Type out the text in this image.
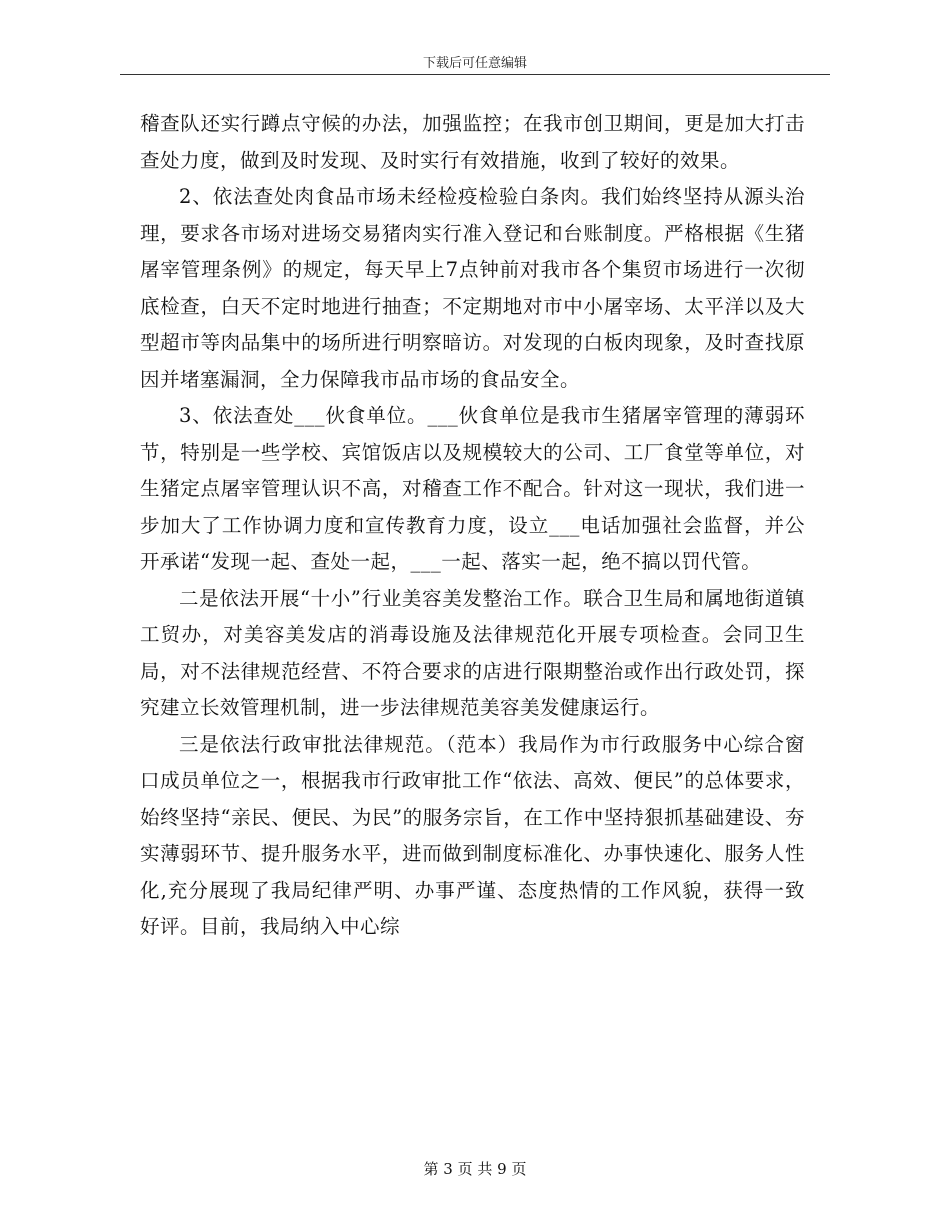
下载后可任意编辑

稽查队还实行蹲点守候的办法，加强监控；在我市创卫期间，更是加大打击查处力度，做到及时发现、及时实行有效措施，收到了较好的效果。

2、依法查处肉食品市场未经检疫检验白条肉。我们始终坚持从源头治理，要求各市场对进场交易猪肉实行准入登记和台账制度。严格根据《生猪屠宰管理条例》的规定，每天早上7点钟前对我市各个集贸市场进行一次彻底检查，白天不定时地进行抽查；不定期地对市中小屠宰场、太平洋以及大型超市等肉品集中的场所进行明察暗访。对发现的白板肉现象，及时查找原因并堵塞漏洞，全力保障我市品市场的食品安全。

3、依法查处___伙食单位。___伙食单位是我市生猪屠宰管理的薄弱环节，特别是一些学校、宾馆饭店以及规模较大的公司、工厂食堂等单位，对生猪定点屠宰管理认识不高，对稽查工作不配合。针对这一现状，我们进一步加大了工作协调力度和宣传教育力度，设立___电话加强社会监督，并公开承诺“发现一起、查处一起，___一起、落实一起，绝不搞以罚代管。

二是依法开展“十小”行业美容美发整治工作。联合卫生局和属地街道镇工贸办，对美容美发店的消毒设施及法律规范化开展专项检查。会同卫生局，对不法律规范经营、不符合要求的店进行限期整治或作出行政处罚，探究建立长效管理机制，进一步法律规范美容美发健康运行。

三是依法行政审批法律规范。（范本）我局作为市行政服务中心综合窗口成员单位之一，根据我市行政审批工作“依法、高效、便民”的总体要求，始终坚持“亲民、便民、为民”的服务宗旨，在工作中坚持狠抓基础建设、夯实薄弱环节、提升服务水平，进而做到制度标准化、办事快速化、服务人性化,充分展现了我局纪律严明、办事严谨、态度热情的工作风貌，获得一致好评。目前，我局纳入中心综

第 3 页 共 9 页
